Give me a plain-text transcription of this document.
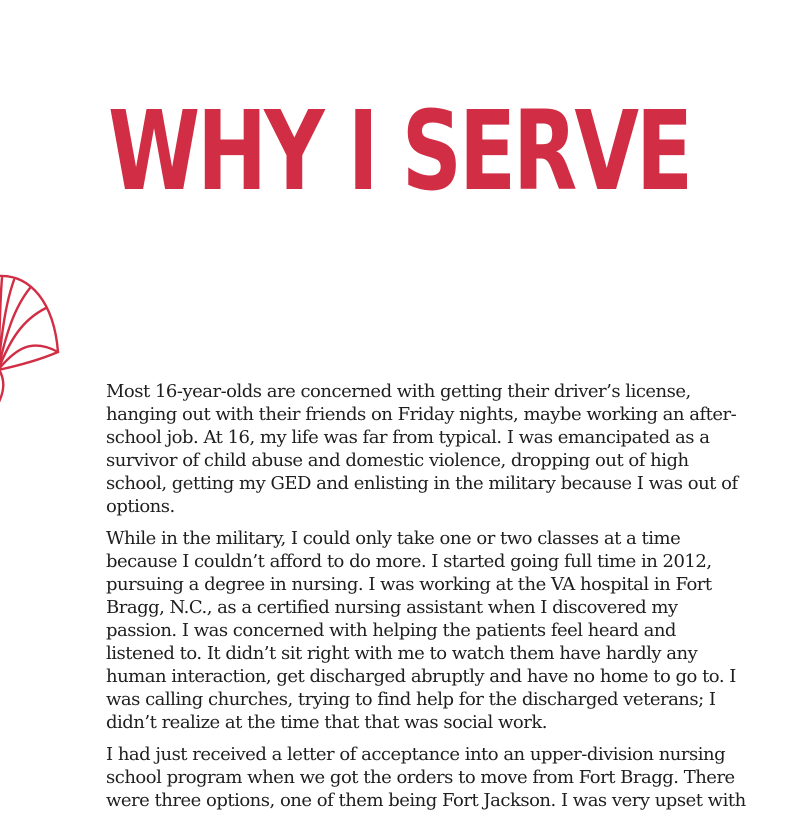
WHY I SERVE

Most 16-year-olds are concerned with getting their driver’s license, hanging out with their friends on Friday nights, maybe working an after-school job. At 16, my life was far from typical. I was emancipated as a survivor of child abuse and domestic violence, dropping out of high school, getting my GED and enlisting in the military because I was out of options.

While in the military, I could only take one or two classes at a time because I couldn’t afford to do more. I started going full time in 2012, pursuing a degree in nursing. I was working at the VA hospital in Fort Bragg, N.C., as a certified nursing assistant when I discovered my passion. I was concerned with helping the patients feel heard and listened to. It didn’t sit right with me to watch them have hardly any human interaction, get discharged abruptly and have no home to go to. I was calling churches, trying to find help for the discharged veterans; I didn’t realize at the time that that was social work.

I had just received a letter of acceptance into an upper-division nursing school program when we got the orders to move from Fort Bragg. There were three options, one of them being Fort Jackson. I was very upset with
